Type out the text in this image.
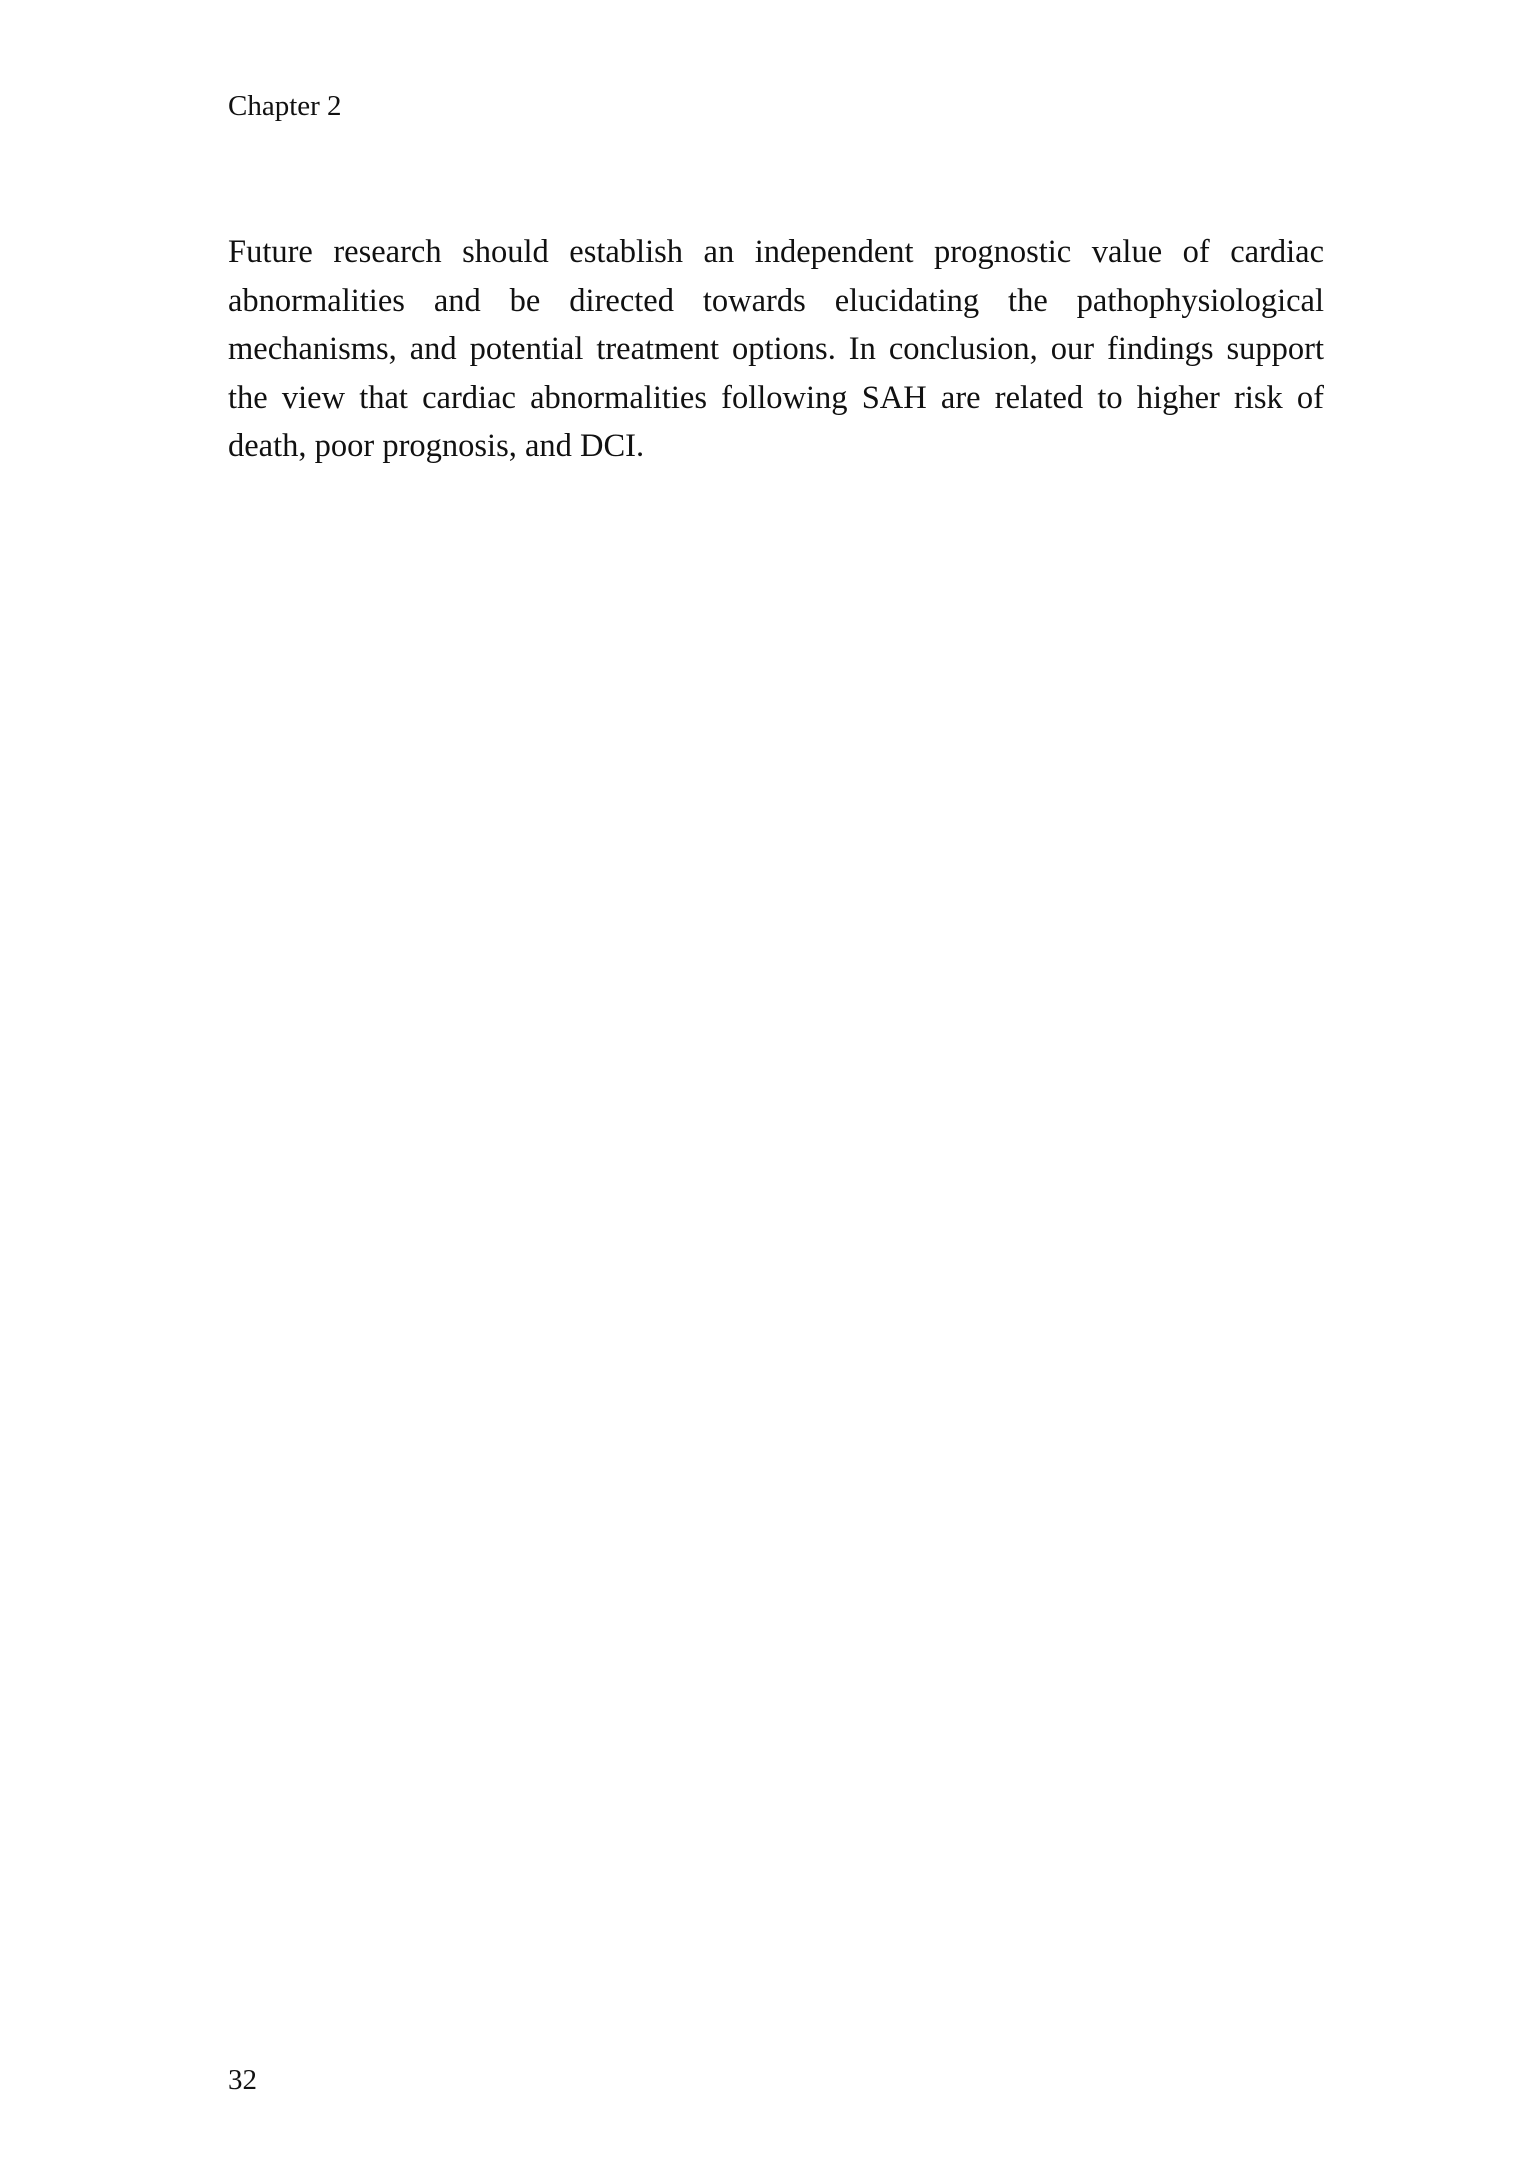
Chapter 2

Future research should establish an independent prognostic value of cardiac abnormalities and be directed towards elucidating the pathophysiological mechanisms, and potential treatment options. In conclusion, our findings support the view that cardiac abnormalities following SAH are related to higher risk of death, poor prognosis, and DCI.

32
